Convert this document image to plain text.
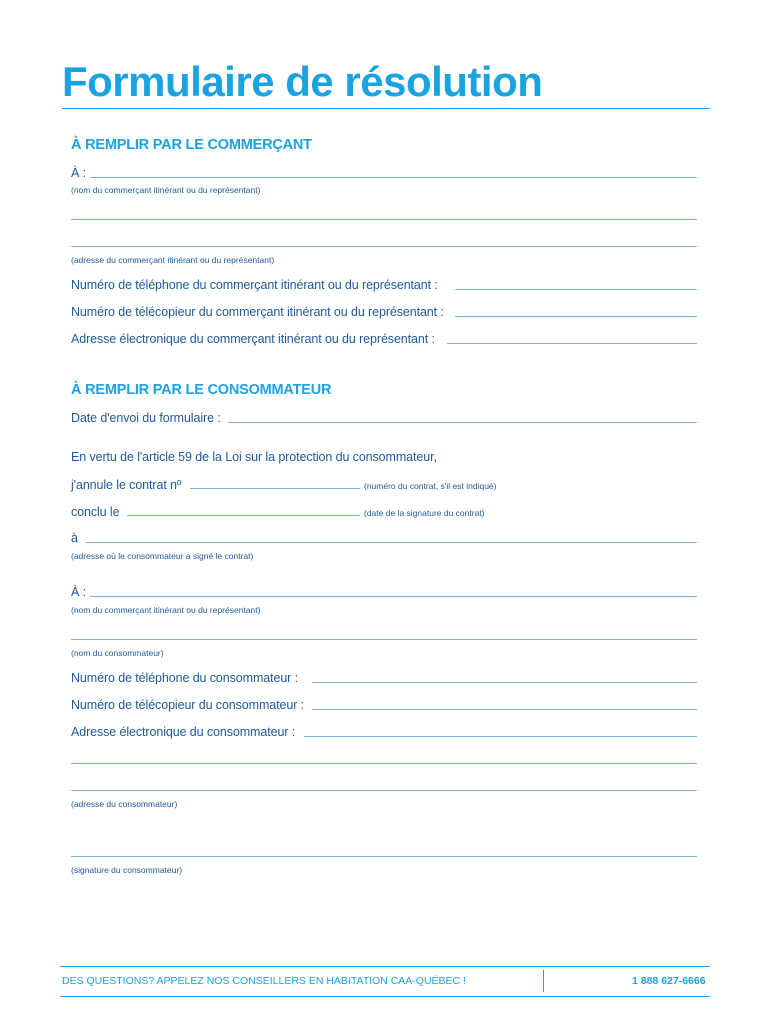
Formulaire de résolution
À REMPLIR PAR LE COMMERÇANT
À :
(nom du commerçant itinérant ou du représentant)
(adresse du commerçant itinérant ou du représentant)
Numéro de téléphone du commerçant itinérant ou du représentant :
Numéro de télécopieur du commerçant itinérant ou du représentant :
Adresse électronique du commerçant itinérant ou du représentant :
À REMPLIR PAR LE CONSOMMATEUR
Date d'envoi du formulaire :
En vertu de l'article 59 de la Loi sur la protection du consommateur,
j'annule le contrat nº	(numéro du contrat, s'il est indiqué)
conclu le	(date de la signature du contrat)
à
(adresse où le consommateur a signé le contrat)
À :
(nom du commerçant itinérant ou du représentant)
(nom du consommateur)
Numéro de téléphone du consommateur :
Numéro de télécopieur du consommateur :
Adresse électronique du consommateur :
(adresse du consommateur)
(signature du consommateur)
DES QUESTIONS? APPELEZ NOS CONSEILLERS EN HABITATION CAA-QUÉBEC !	1 888 627-6666
